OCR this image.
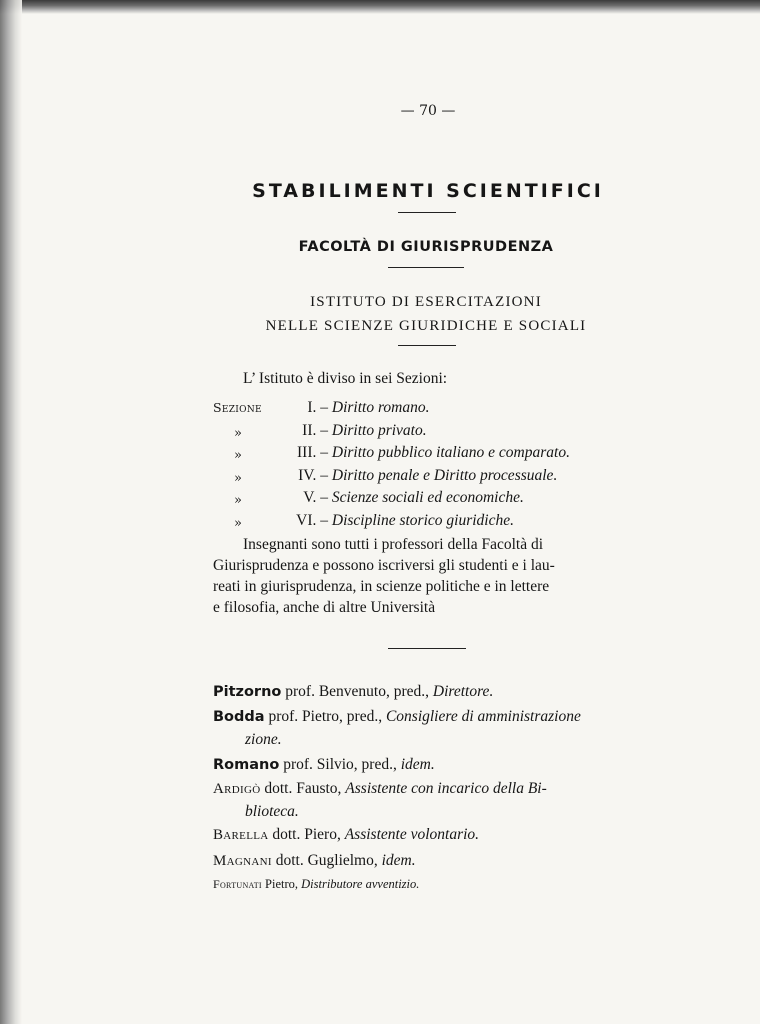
— 70 —
STABILIMENTI SCIENTIFICI
FACOLTÀ DI GIURISPRUDENZA
ISTITUTO DI ESERCITAZIONI
NELLE SCIENZE GIURIDICHE E SOCIALI
L’ Istituto è diviso in sei Sezioni:
Sezione	I. – Diritto romano.
»	II. – Diritto privato.
»	III. – Diritto pubblico italiano e comparato.
»	IV. – Diritto penale e Diritto processuale.
»	V. – Scienze sociali ed economiche.
»	VI. – Discipline storico giuridiche.
Insegnanti sono tutti i professori della Facoltà di
Giurisprudenza e possono iscriversi gli studenti e i lau-
reati in giurisprudenza, in scienze politiche e in lettere
e filosofia, anche di altre Università
Pitzorno prof. Benvenuto, pred., Direttore.
Bodda prof. Pietro, pred., Consigliere di amministrazione
zione.
Romano prof. Silvio, pred., idem.
Ardigò dott. Fausto, Assistente con incarico della Bi-
blioteca.
Barella dott. Piero, Assistente volontario.
Magnani dott. Guglielmo, idem.
Fortunati Pietro, Distributore avventizio.
